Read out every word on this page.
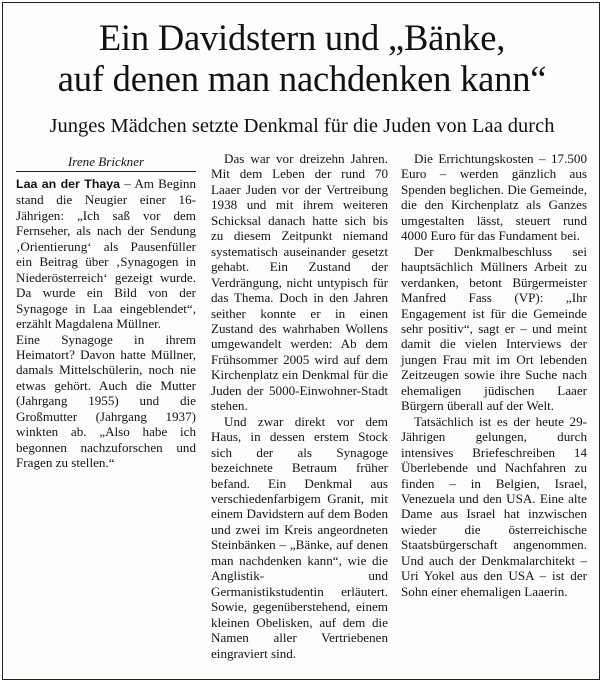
Ein Davidstern und „Bänke,
auf denen man nachdenken kann“
Junges Mädchen setzte Denkmal für die Juden von Laa durch
Irene Brickner

Laa an der Thaya – Am Beginn stand die Neugier einer 16-Jährigen: „Ich saß vor dem Fernseher, als nach der Sendung ‚Orientierung‘ als Pausenfüller ein Beitrag über ‚Synagogen in Niederösterreich‘ gezeigt wurde. Da wurde ein Bild von der Synagoge in Laa eingeblendet“, erzählt Magdalena Müllner.

Eine Synagoge in ihrem Heimatort? Davon hatte Müllner, damals Mittelschülerin, noch nie etwas gehört. Auch die Mutter (Jahrgang 1955) und die Großmutter (Jahrgang 1937) winkten ab. „Also habe ich begonnen nachzuforschen und Fragen zu stellen.“

Das war vor dreizehn Jahren. Mit dem Leben der rund 70 Laaer Juden vor der Vertreibung 1938 und mit ihrem weiteren Schicksal danach hatte sich bis zu diesem Zeitpunkt niemand systematisch auseinander gesetzt gehabt. Ein Zustand der Verdrängung, nicht untypisch für das Thema. Doch in den Jahren seither konnte er in einen Zustand des wahrhaben Wollens umgewandelt werden: Ab dem Frühsommer 2005 wird auf dem Kirchenplatz ein Denkmal für die Juden der 5000-Einwohner-Stadt stehen.

Und zwar direkt vor dem Haus, in dessen erstem Stock sich der als Synagoge bezeichnete Betraum früher befand. Ein Denkmal aus verschiedenfarbigem Granit, mit einem Davidstern auf dem Boden und zwei im Kreis angeordneten Steinbänken – „Bänke, auf denen man nachdenken kann“, wie die Anglistik- und Germanistikstudentin erläutert. Sowie, gegenüberstehend, einem kleinen Obelisken, auf dem die Namen aller Vertriebenen eingraviert sind.

Die Errichtungskosten – 17.500 Euro – werden gänzlich aus Spenden beglichen. Die Gemeinde, die den Kirchenplatz als Ganzes umgestalten lässt, steuert rund 4000 Euro für das Fundament bei.

Der Denkmalbeschluss sei hauptsächlich Müllners Arbeit zu verdanken, betont Bürgermeister Manfred Fass (VP): „Ihr Engagement ist für die Gemeinde sehr positiv“, sagt er – und meint damit die vielen Interviews der jungen Frau mit im Ort lebenden Zeitzeugen sowie ihre Suche nach ehemaligen jüdischen Laaer Bürgern überall auf der Welt.

Tatsächlich ist es der heute 29-Jährigen gelungen, durch intensives Briefeschreiben 14 Überlebende und Nachfahren zu finden – in Belgien, Israel, Venezuela und den USA. Eine alte Dame aus Israel hat inzwischen wieder die österreichische Staatsbürgerschaft angenommen. Und auch der Denkmalarchitekt – Uri Yokel aus den USA – ist der Sohn einer ehemaligen Laaerin.
